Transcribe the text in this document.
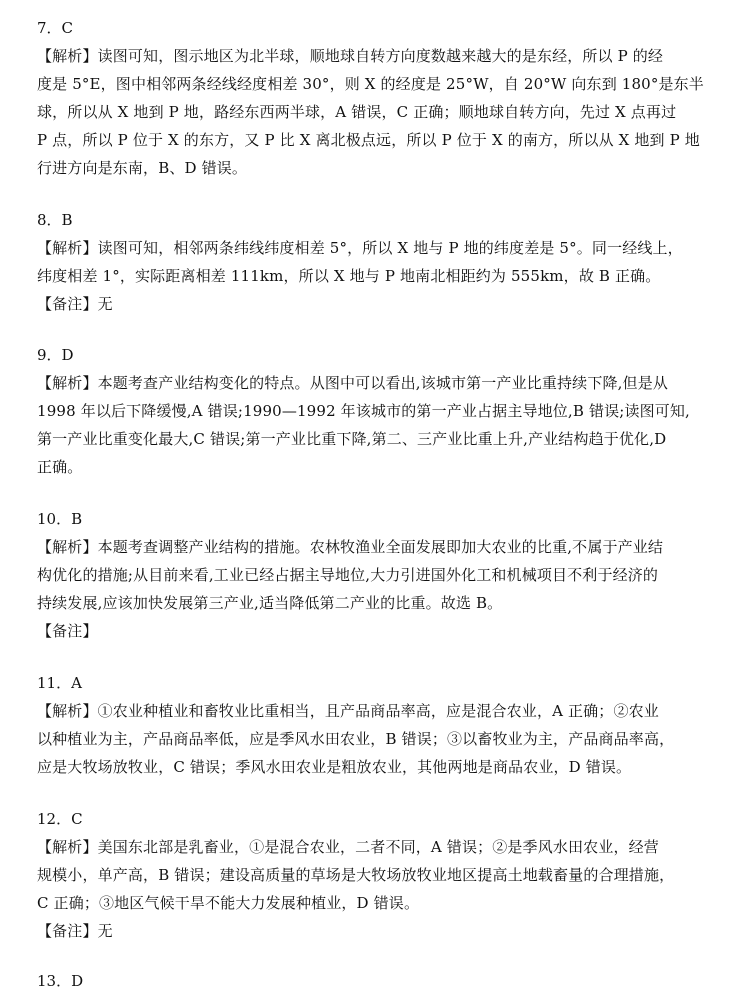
7．C
【解析】读图可知，图示地区为北半球，顺地球自转方向度数越来越大的是东经，所以 P 的经
度是 5°E，图中相邻两条经线经度相差 30°，则 X 的经度是 25°W，自 20°W 向东到 180°是东半
球，所以从 X 地到 P 地，路经东西两半球，A 错误，C 正确；顺地球自转方向，先过 X 点再过
P 点，所以 P 位于 X 的东方，又 P 比 X 离北极点远，所以 P 位于 X 的南方，所以从 X 地到 P 地
行进方向是东南，B、D 错误。
8．B
【解析】读图可知，相邻两条纬线纬度相差 5°，所以 X 地与 P 地的纬度差是 5°。同一经线上，
纬度相差 1°，实际距离相差 111km，所以 X 地与 P 地南北相距约为 555km，故 B 正确。
【备注】无
9．D
【解析】本题考查产业结构变化的特点。从图中可以看出,该城市第一产业比重持续下降,但是从
1998 年以后下降缓慢,A 错误;1990—1992 年该城市的第一产业占据主导地位,B 错误;读图可知,
第一产业比重变化最大,C 错误;第一产业比重下降,第二、三产业比重上升,产业结构趋于优化,D
正确。
10．B
【解析】本题考查调整产业结构的措施。农林牧渔业全面发展即加大农业的比重,不属于产业结
构优化的措施;从目前来看,工业已经占据主导地位,大力引进国外化工和机械项目不利于经济的
持续发展,应该加快发展第三产业,适当降低第二产业的比重。故选 B。
【备注】
11．A
【解析】①农业种植业和畜牧业比重相当，且产品商品率高，应是混合农业，A 正确；②农业
以种植业为主，产品商品率低，应是季风水田农业，B 错误；③以畜牧业为主，产品商品率高，
应是大牧场放牧业，C 错误；季风水田农业是粗放农业，其他两地是商品农业，D 错误。
12．C
【解析】美国东北部是乳畜业，①是混合农业，二者不同，A 错误；②是季风水田农业，经营
规模小，单产高，B 错误；建设高质量的草场是大牧场放牧业地区提高土地载畜量的合理措施，
C 正确；③地区气候干旱不能大力发展种植业，D 错误。
【备注】无
13．D
